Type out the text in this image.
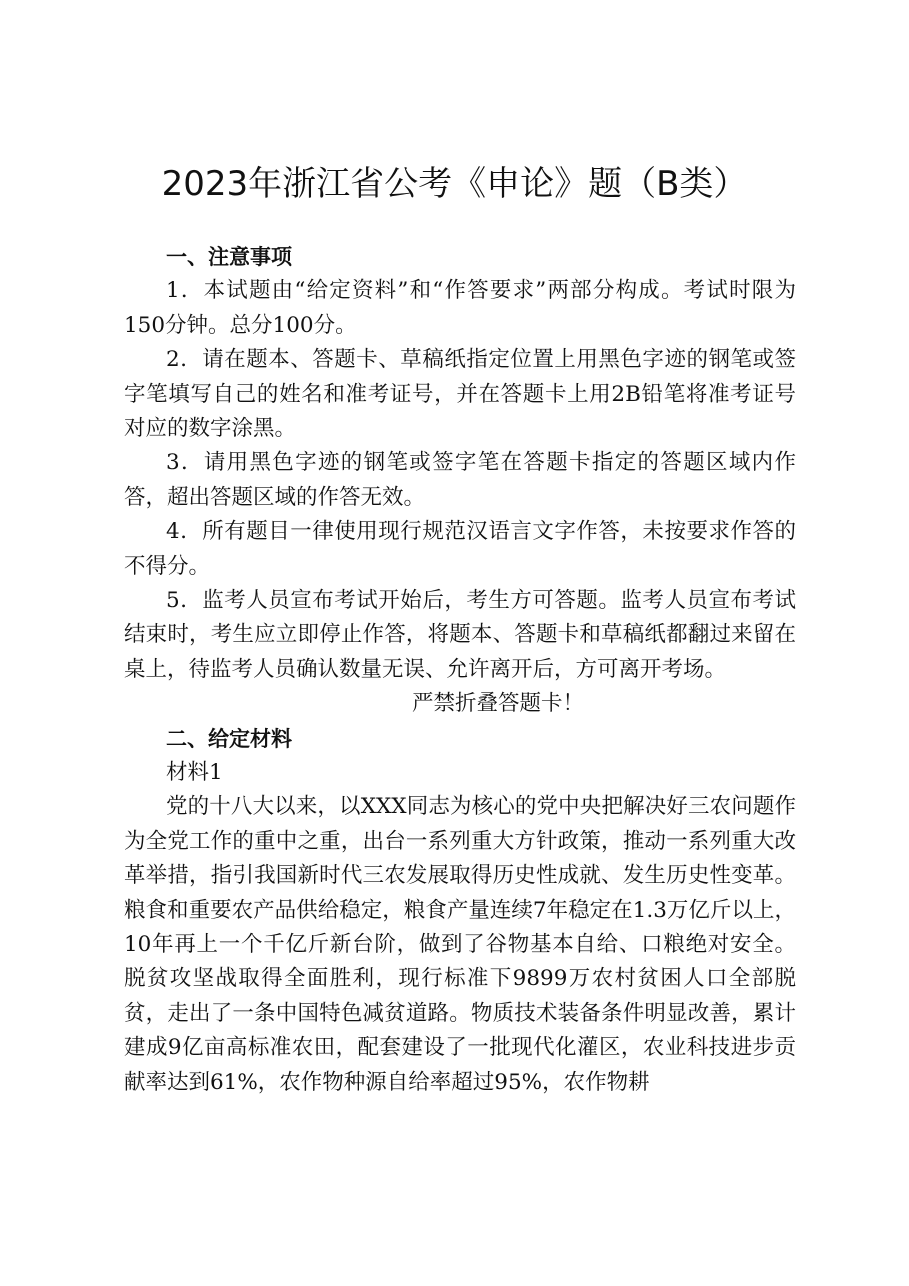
2023年浙江省公考《申论》题（B类）

一、注意事项

1．本试题由“给定资料”和“作答要求”两部分构成。考试时限为150分钟。总分100分。

2．请在题本、答题卡、草稿纸指定位置上用黑色字迹的钢笔或签字笔填写自己的姓名和准考证号，并在答题卡上用2B铅笔将准考证号对应的数字涂黑。

3．请用黑色字迹的钢笔或签字笔在答题卡指定的答题区域内作答，超出答题区域的作答无效。

4．所有题目一律使用现行规范汉语言文字作答，未按要求作答的不得分。

5．监考人员宣布考试开始后，考生方可答题。监考人员宣布考试结束时，考生应立即停止作答，将题本、答题卡和草稿纸都翻过来留在桌上，待监考人员确认数量无误、允许离开后，方可离开考场。

严禁折叠答题卡！

二、给定材料

材料1

党的十八大以来，以XXX同志为核心的党中央把解决好三农问题作为全党工作的重中之重，出台一系列重大方针政策，推动一系列重大改革举措，指引我国新时代三农发展取得历史性成就、发生历史性变革。粮食和重要农产品供给稳定，粮食产量连续7年稳定在1.3万亿斤以上，10年再上一个千亿斤新台阶，做到了谷物基本自给、口粮绝对安全。脱贫攻坚战取得全面胜利，现行标准下9899万农村贫困人口全部脱贫，走出了一条中国特色减贫道路。物质技术装备条件明显改善，累计建成9亿亩高标准农田，配套建设了一批现代化灌区，农业科技进步贡献率达到61%，农作物种源自给率超过95%，农作物耕
